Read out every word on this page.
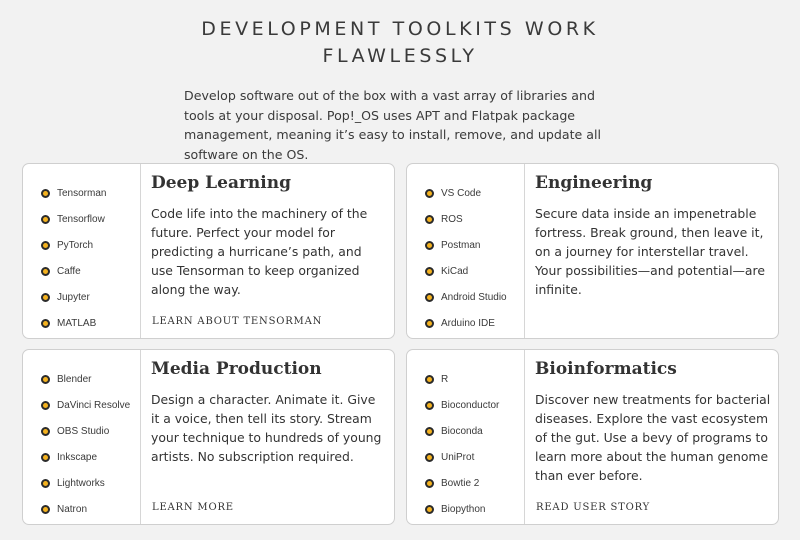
DEVELOPMENT TOOLKITS WORK
FLAWLESSLY

Develop software out of the box with a vast array of libraries and tools at your disposal. Pop!_OS uses APT and Flatpak package management, meaning it’s easy to install, remove, and update all software on the OS.

Tensorman
Tensorflow
PyTorch
Caffe
Jupyter
MATLAB
Deep Learning

Code life into the machinery of the future. Perfect your model for predicting a hurricane’s path, and use Tensorman to keep organized along the way.

LEARN ABOUT TENSORMAN
VS Code
ROS
Postman
KiCad
Android Studio
Arduino IDE
Engineering

Secure data inside an impenetrable fortress. Break ground, then leave it, on a journey for interstellar travel. Your possibilities—and potential—are infinite.

Blender
DaVinci Resolve
OBS Studio
Inkscape
Lightworks
Natron
Media Production

Design a character. Animate it. Give it a voice, then tell its story. Stream your technique to hundreds of young artists. No subscription required.

LEARN MORE
R
Bioconductor
Bioconda
UniProt
Bowtie 2
Biopython
Bioinformatics

Discover new treatments for bacterial diseases. Explore the vast ecosystem of the gut. Use a bevy of programs to learn more about the human genome than ever before.

READ USER STORY
